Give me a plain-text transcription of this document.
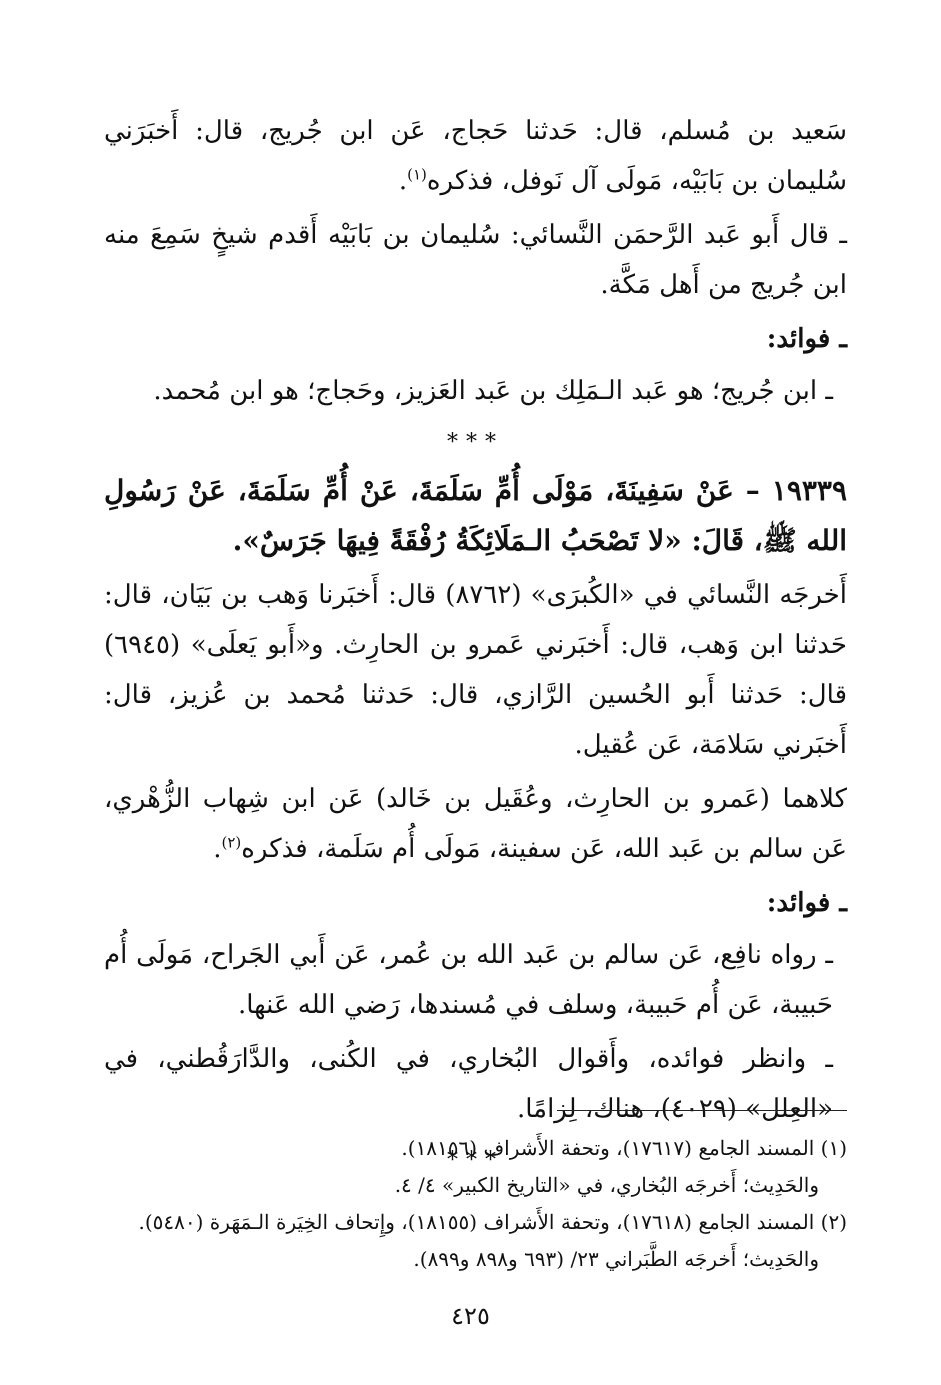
سَعيد بن مُسلم، قال: حَدثنا حَجاج، عَن ابن جُريج، قال: أَخبَرَني سُليمان بن بَابَيْه، مَولَى آل نَوفل، فذكره$^{(١)}$.

ـ قال أَبو عَبد الرَّحمَن النَّسائي: سُليمان بن بَابَيْه أَقدم شيخٍ سَمِعَ منه ابن جُريج من أَهل مَكَّة.

ـ فوائد:

ـ ابن جُريج؛ هو عَبد الـمَلِك بن عَبد العَزيز، وحَجاج؛ هو ابن مُحمد.

***

١٩٣٣٩ – عَنْ سَفِينَةَ، مَوْلَى أُمِّ سَلَمَةَ، عَنْ أُمِّ سَلَمَةَ، عَنْ رَسُولِ الله ﷺ، قَالَ: «لا تَصْحَبُ الـمَلَائِكَةُ رُفْقَةً فِيهَا جَرَسٌ».

أَخرجَه النَّسائي في «الكُبرَى» (٨٧٦٢) قال: أَخبَرنا وَهب بن بَيَان، قال: حَدثنا ابن وَهب، قال: أَخبَرني عَمرو بن الحارِث. و«أَبو يَعلَى» (٦٩٤٥) قال: حَدثنا أَبو الحُسين الرَّازي، قال: حَدثنا مُحمد بن عُزيز، قال: أَخبَرني سَلامَة، عَن عُقيل.

كلاهما (عَمرو بن الحارِث، وعُقَيل بن خَالد) عَن ابن شِهاب الزُّهْري، عَن سالم بن عَبد الله، عَن سفينة، مَولَى أُم سَلَمة، فذكره$^{(٢)}$.

ـ فوائد:

ـ رواه نافِع، عَن سالم بن عَبد الله بن عُمر، عَن أَبي الجَراح، مَولَى أُم حَبيبة، عَن أُم حَبيبة، وسلف في مُسندها، رَضي الله عَنها.

ـ وانظر فوائده، وأَقوال البُخاري، في الكُنى، والدَّارَقُطني، في «العِلل» (٤٠٢٩)، هناك، لِزامًا.

***

(١) المسند الجامع (١٧٦١٧)، وتحفة الأَشراف (١٨١٥٦).

والحَدِيث؛ أَخرجَه البُخاري، في «التاريخ الكبير» ٤/ ٤.

(٢) المسند الجامع (١٧٦١٨)، وتحفة الأَشراف (١٨١٥٥)، وإِتحاف الخِيَرة الـمَهَرة (٥٤٨٠).

والحَدِيث؛ أَخرجَه الطَّبَراني ٢٣/ (٦٩٣ و٨٩٨ و٨٩٩).

٤٢٥
